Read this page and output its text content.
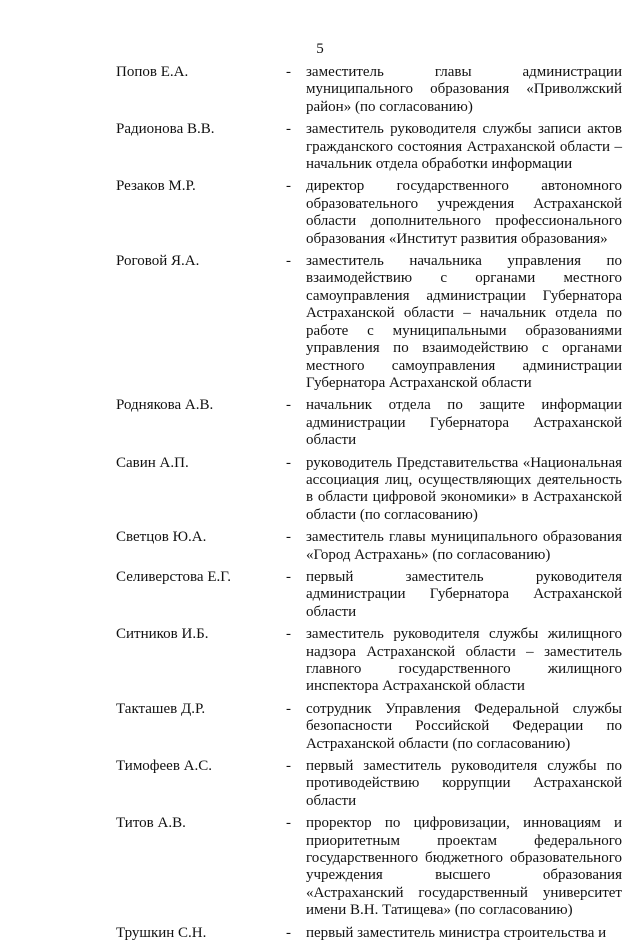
5
Попов Е.А.	-	заместитель главы администрации муниципального образования «Приволжский район» (по согласованию)
Радионова В.В.	-	заместитель руководителя службы записи актов гражданского состояния Астраханской области – начальник отдела обработки информации
Резаков М.Р.	-	директор государственного автономного образовательного учреждения Астраханской области дополнительного профессионального образования «Институт развития образования»
Роговой Я.А.	-	заместитель начальника управления по взаимодействию с органами местного самоуправления администрации Губернатора Астраханской области – начальник отдела по работе с муниципальными образованиями управления по взаимодействию с органами местного самоуправления администрации Губернатора Астраханской области
Роднякова А.В.	-	начальник отдела по защите информации администрации Губернатора Астраханской области
Савин А.П.	-	руководитель Представительства «Национальная ассоциация лиц, осуществляющих деятельность в области цифровой экономики» в Астраханской области (по согласованию)
Светцов Ю.А.	-	заместитель главы муниципального образования «Город Астрахань» (по согласованию)
Селиверстова Е.Г.	-	первый заместитель руководителя администрации Губернатора Астраханской области
Ситников И.Б.	-	заместитель руководителя службы жилищного надзора Астраханской области – заместитель главного государственного жилищного инспектора Астраханской области
Такташев Д.Р.	-	сотрудник Управления Федеральной службы безопасности Российской Федерации по Астраханской области (по согласованию)
Тимофеев А.С.	-	первый заместитель руководителя службы по противодействию коррупции Астраханской области
Титов А.В.	-	проректор по цифровизации, инновациям и приоритетным проектам федерального государственного бюджетного образовательного учреждения высшего образования «Астраханский государственный университет имени В.Н. Татищева» (по согласованию)
Трушкин С.Н.	-	первый заместитель министра строительства и
